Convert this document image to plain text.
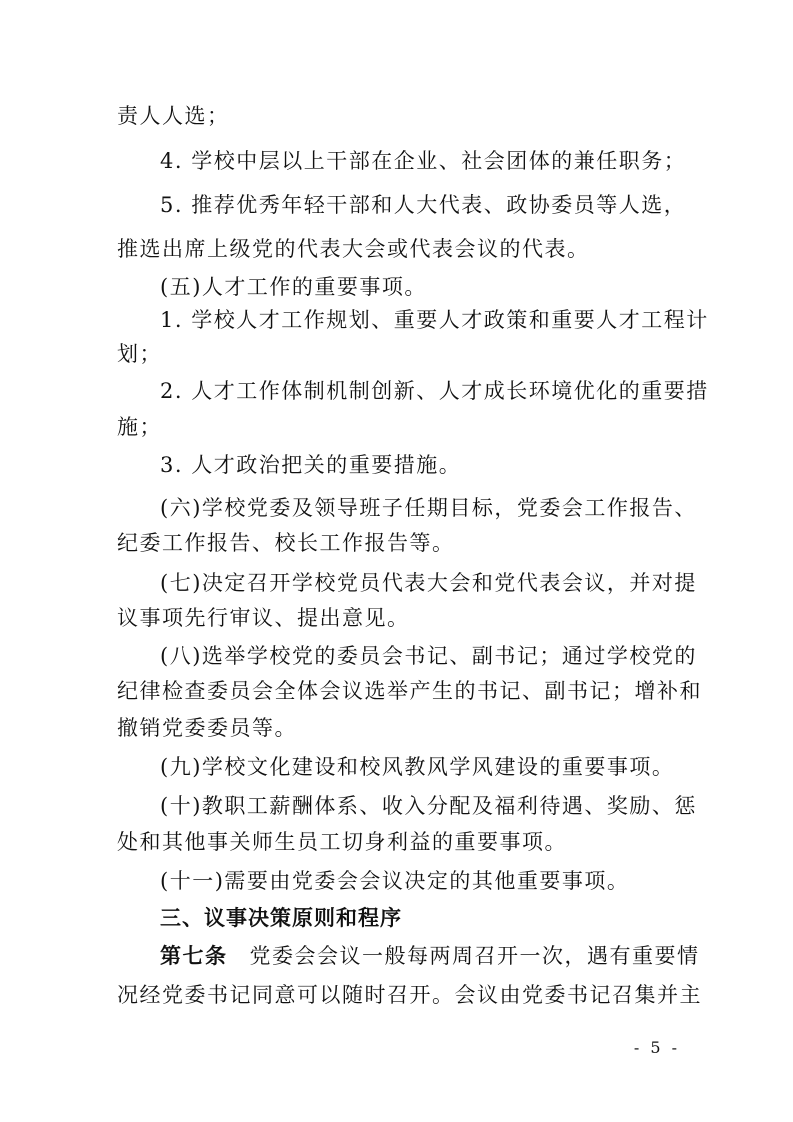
责人人选；
4. 学校中层以上干部在企业、社会团体的兼任职务；
5. 推荐优秀年轻干部和人大代表、政协委员等人选，
推选出席上级党的代表大会或代表会议的代表。
(五)人才工作的重要事项。
1. 学校人才工作规划、重要人才政策和重要人才工程计
划；
2. 人才工作体制机制创新、人才成长环境优化的重要措
施；
3. 人才政治把关的重要措施。
(六)学校党委及领导班子任期目标，党委会工作报告、
纪委工作报告、校长工作报告等。
(七)决定召开学校党员代表大会和党代表会议，并对提
议事项先行审议、提出意见。
(八)选举学校党的委员会书记、副书记；通过学校党的
纪律检查委员会全体会议选举产生的书记、副书记；增补和
撤销党委委员等。
(九)学校文化建设和校风教风学风建设的重要事项。
(十)教职工薪酬体系、收入分配及福利待遇、奖励、惩
处和其他事关师生员工切身利益的重要事项。
(十一)需要由党委会会议决定的其他重要事项。
三、议事决策原则和程序
第七条 党委会会议一般每两周召开一次，遇有重要情
况经党委书记同意可以随时召开。会议由党委书记召集并主
- 5 -
